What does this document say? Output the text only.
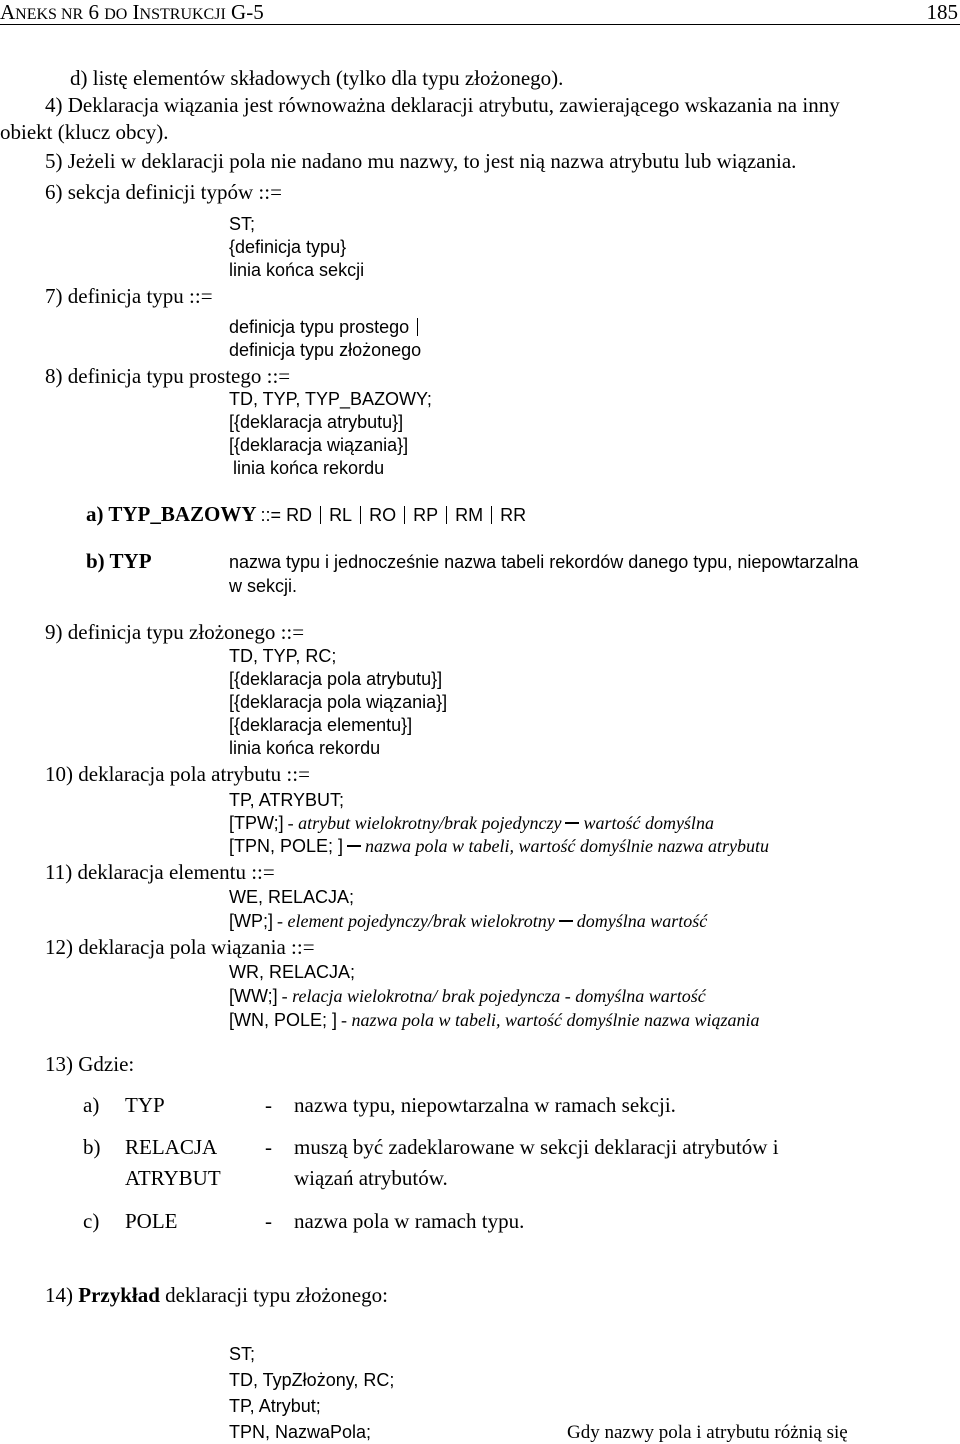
ANEKS NR 6 DO INSTRUKCJI G-5	185
d) listę elementów składowych (tylko dla typu złożonego).
4) Deklaracja wiązania jest równoważna deklaracji atrybutu, zawierającego wskazania na inny
obiekt (klucz obcy).
5) Jeżeli w deklaracji pola nie nadano mu nazwy, to jest nią nazwa atrybutu lub wiązania.
6) sekcja definicji typów ::=
ST;
{definicja typu}
linia końca sekcji
7) definicja typu ::=
definicja typu prostego
definicja typu złożonego
8) definicja typu prostego ::=
TD, TYP, TYP_BAZOWY;
[{deklaracja atrybutu}]
[{deklaracja wiązania}]
linia końca rekordu
a) TYP_BAZOWY ::= RD RL RO RP RM RR
b) TYP	nazwa typu i jednocześnie nazwa tabeli rekordów danego typu, niepowtarzalna
w sekcji.
9) definicja typu złożonego ::=
TD, TYP, RC;
[{deklaracja pola atrybutu}]
[{deklaracja pola wiązania}]
[{deklaracja elementu}]
linia końca rekordu
10) deklaracja pola atrybutu ::=
TP, ATRYBUT;
[TPW;] - atrybut wielokrotny/brak pojedynczy wartość domyślna
[TPN, POLE; ] nazwa pola w tabeli, wartość domyślnie nazwa atrybutu
11) deklaracja elementu ::=
WE, RELACJA;
[WP;] - element pojedynczy/brak wielokrotny domyślna wartość
12) deklaracja pola wiązania ::=
WR, RELACJA;
[WW;] - relacja wielokrotna/ brak pojedyncza - domyślna wartość
[WN, POLE; ] - nazwa pola w tabeli, wartość domyślnie nazwa wiązania
13) Gdzie:
a) TYP	- nazwa typu, niepowtarzalna w ramach sekcji.
b) RELACJA
ATRYBUT
- muszą być zadeklarowane w sekcji deklaracji atrybutów i
wiązań atrybutów.
c) POLE	- nazwa pola w ramach typu.
14) Przykład deklaracji typu złożonego:
ST;
TD, TypZłożony, RC;
TP, Atrybut;
TPN, NazwaPola;	Gdy nazwy pola i atrybutu różnią się
